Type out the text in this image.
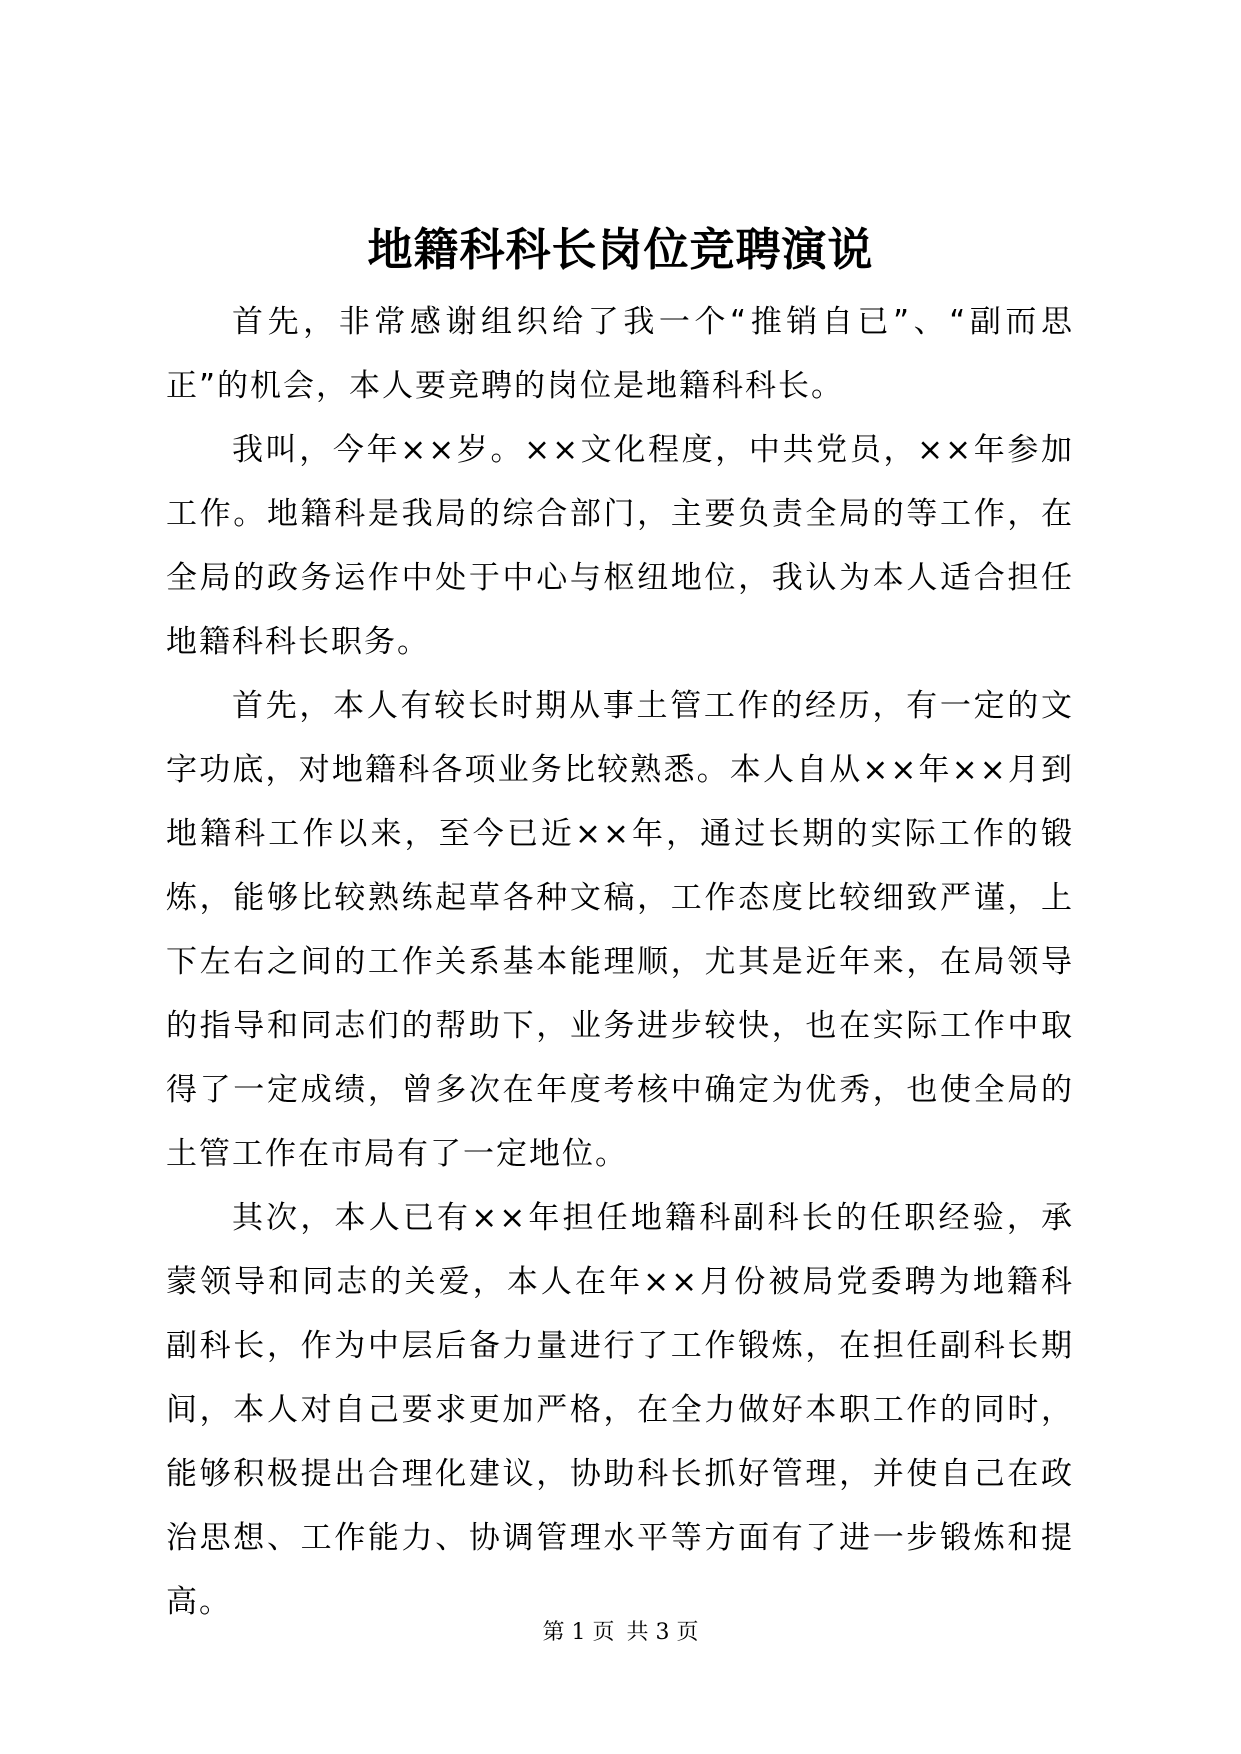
地籍科科长岗位竞聘演说

首先，非常感谢组织给了我一个“推销自已”、“副而思正”的机会，本人要竞聘的岗位是地籍科科长。

我叫，今年××岁。××文化程度，中共党员，××年参加工作。地籍科是我局的综合部门，主要负责全局的等工作，在全局的政务运作中处于中心与枢纽地位，我认为本人适合担任地籍科科长职务。

首先，本人有较长时期从事土管工作的经历，有一定的文字功底，对地籍科各项业务比较熟悉。本人自从××年××月到地籍科工作以来，至今已近××年，通过长期的实际工作的锻炼，能够比较熟练起草各种文稿，工作态度比较细致严谨，上下左右之间的工作关系基本能理顺，尤其是近年来，在局领导的指导和同志们的帮助下，业务进步较快，也在实际工作中取得了一定成绩，曾多次在年度考核中确定为优秀，也使全局的土管工作在市局有了一定地位。

其次，本人已有××年担任地籍科副科长的任职经验，承蒙领导和同志的关爱，本人在年××月份被局党委聘为地籍科副科长，作为中层后备力量进行了工作锻炼，在担任副科长期间，本人对自己要求更加严格，在全力做好本职工作的同时，能够积极提出合理化建议，协助科长抓好管理，并使自己在政治思想、工作能力、协调管理水平等方面有了进一步锻炼和提高。

第 1 页 共 3 页
